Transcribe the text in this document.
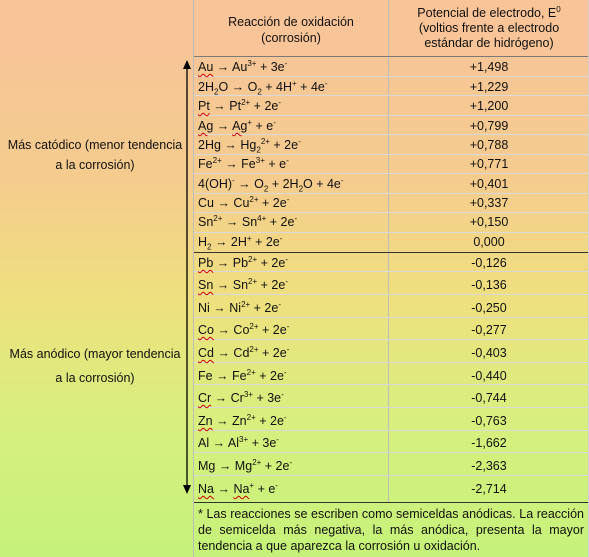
Reacción de oxidación
(corrosión)
Potencial de electrodo, $E^0$
(voltios frente a electrodo
estándar de hidrógeno)
Más catódico (menor tendencia
a la corrosión)
Más anódico (mayor tendencia
a la corrosión)
$Au \to Au^{3+} + 3e^-$
$2H_2O \to O_2 + 4H^+ + 4e^-$
$Pt \to Pt^{2+} + 2e^-$
Ag → Ag+ + e-
$2Hg \to Hg_2^{2+} + 2e^-$
$Fe^{2+} \to Fe^{3+} + e^-$
$4(OH)^- \to O_2 + 2H_2O + 4e^-$
$Cu \to Cu^{2+} + 2e^-$
$Sn^{2+} \to Sn^{4+} + 2e^-$
$H_2 \to 2H^+ + 2e^-$
$Pb \to Pb^{2+} + 2e^-$
$Sn \to Sn^{2+} + 2e^-$
$Ni \to Ni^{2+} + 2e^-$
$Co \to Co^{2+} + 2e^-$
$Cd \to Cd^{2+} + 2e^-$
$Fe \to Fe^{2+} + 2e^-$
$Cr \to Cr^{3+} + 3e^-$
$Zn \to Zn^{2+} + 2e^-$
$Al \to Al^{3+} + 3e^-$
$Mg \to Mg^{2+} + 2e^-$
Na → Na+ + e-
+1,498
+1,229
+1,200
+0,799
+0,788
+0,771
+0,401
+0,337
+0,150
0,000
-0,126
-0,136
-0,250
-0,277
-0,403
-0,440
-0,744
-0,763
-1,662
-2,363
-2,714
* Las reacciones se escriben como semiceldas anódicas. La reacción de semicelda más negativa, la más anódica, presenta la mayor tendencia a que aparezca la corrosión u oxidación.
